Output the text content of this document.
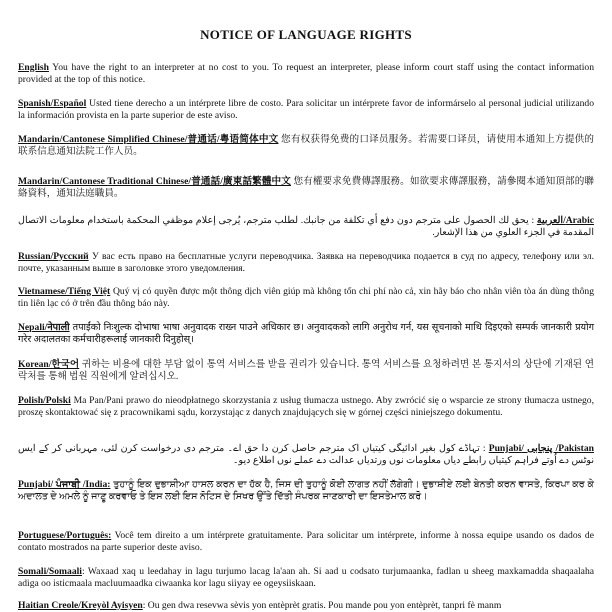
NOTICE OF LANGUAGE RIGHTS

English You have the right to an interpreter at no cost to you. To request an interpreter, please inform court staff using the contact information provided at the top of this notice.

Spanish/Español Usted tiene derecho a un intérprete libre de costo. Para solicitar un intérprete favor de informárselo al personal judicial utilizando la información provista en la parte superior de este aviso.

Mandarin/Cantonese Simplified Chinese/普通话/粤语简体中文 您有权获得免费的口译员服务。若需要口译员，请使用本通知上方提供的联系信息通知法院工作人员。

Mandarin/Cantonese Traditional Chinese/普通話/廣東話繁體中文 您有權要求免費傳譯服務。如欲要求傳譯服務，請參閱本通知頂部的聯絡資料，通知法庭職員。

Arabic/العربية : يحق لك الحصول على مترجم دون دفع أي تكلفة من جانبك. لطلب مترجم، يُرجى إعلام موظفي المحكمة باستخدام معلومات الاتصال المقدمة في الجزء العلوي من هذا الإشعار.

Russian/Русский У вас есть право на бесплатные услуги переводчика. Заявка на переводчика подается в суд по адресу, телефону или эл. почте, указанным выше в заголовке этого уведомления.

Vietnamese/Tiếng Việt Quý vị có quyền được một thông dịch viên giúp mà không tốn chi phí nào cả, xin hãy báo cho nhân viên tòa án dùng thông tin liên lạc có ở trên đầu thông báo này.

Nepali/नेपाली तपाईंको निःशुल्क दोभाषा भाषा अनुवादक राख्न पाउने अधिकार छ। अनुवादकको लागि अनुरोध गर्न, यस सूचनाको माथि दिइएको सम्पर्क जानकारी प्रयोग गरेर अदालतका कर्मचारीहरूलाई जानकारी दिनुहोस्।

Korean/한국어 귀하는 비용에 대한 부담 없이 통역 서비스를 받을 권리가 있습니다. 통역 서비스를 요청하려면 본 통지서의 상단에 기재된 연락처를 통해 법원 직원에게 알려십시오.

Polish/Polski Ma Pan/Pani prawo do nieodpłatnego skorzystania z usług tłumacza ustnego. Aby zwrócić się o wsparcie ze strony tłumacza ustnego, proszę skontaktować się z pracownikami sądu, korzystając z danych znajdujących się w górnej części niniejszego dokumentu.

Pakistan/ پنجابی /Punjabi : تہاڈے کول بغیر ادائیگی کیتیاں اک مترجم حاصل کرن دا حق اے۔ مترجم دی درخواست کرن لئی، مہربانی کر کے ایس نوٹس دے اُوتے فراہم کیتیاں رابطے دیاں معلومات نوں ورتدیاں عدالت دے عملے نوں اطلاع دیو۔

Punjabi/ ਪੰਜਾਬੀ /India: ਤੁਹਾਨੂੰ ਇਕ ਦੁਭਾਸ਼ੀਆ ਹਾਸਲ ਕਰਨ ਦਾ ਹੱਕ ਹੈ, ਜਿਸ ਦੀ ਤੁਹਾਨੂੰ ਕੋਈ ਲਾਗਤ ਨਹੀਂ ਲੱਗੇਗੀ। ਦੁਭਾਸ਼ੀਏ ਲਈ ਬੇਨਤੀ ਕਰਨ ਵਾਸਤੇ, ਕਿਰਪਾ ਕਰ ਕੇ ਅਦਾਲਤ ਦੇ ਅਮਲੇ ਨੂੰ ਜਾਣੂ ਕਰਵਾਓ ਤੇ ਇਸ ਲਈ ਇਸ ਨੋਟਿਸ ਦੇ ਸਿਖਰ ਉੱਤੇ ਦਿੱਤੀ ਸੰਪਰਕ ਜਾਣਕਾਰੀ ਦਾ ਇਸਤੇਮਾਲ ਕਰੋ।

Portuguese/Português: Você tem direito a um intérprete gratuitamente. Para solicitar um intérprete, informe à nossa equipe usando os dados de contato mostrados na parte superior deste aviso.

Somali/Somaali: Waxaad xaq u leedahay in lagu turjumo lacag la'aan ah. Si aad u codsato turjumaanka, fadlan u sheeg maxkamadda shaqaalaha adiga oo isticmaala macluumaadka ciwaanka kor lagu siiyay ee ogeysiiskaan.

Haitian Creole/Kreyòl Ayisyen: Ou gen dwa resevwa sèvis yon entèprèt gratis. Pou mande pou yon entèprèt, tanpri fè manm
